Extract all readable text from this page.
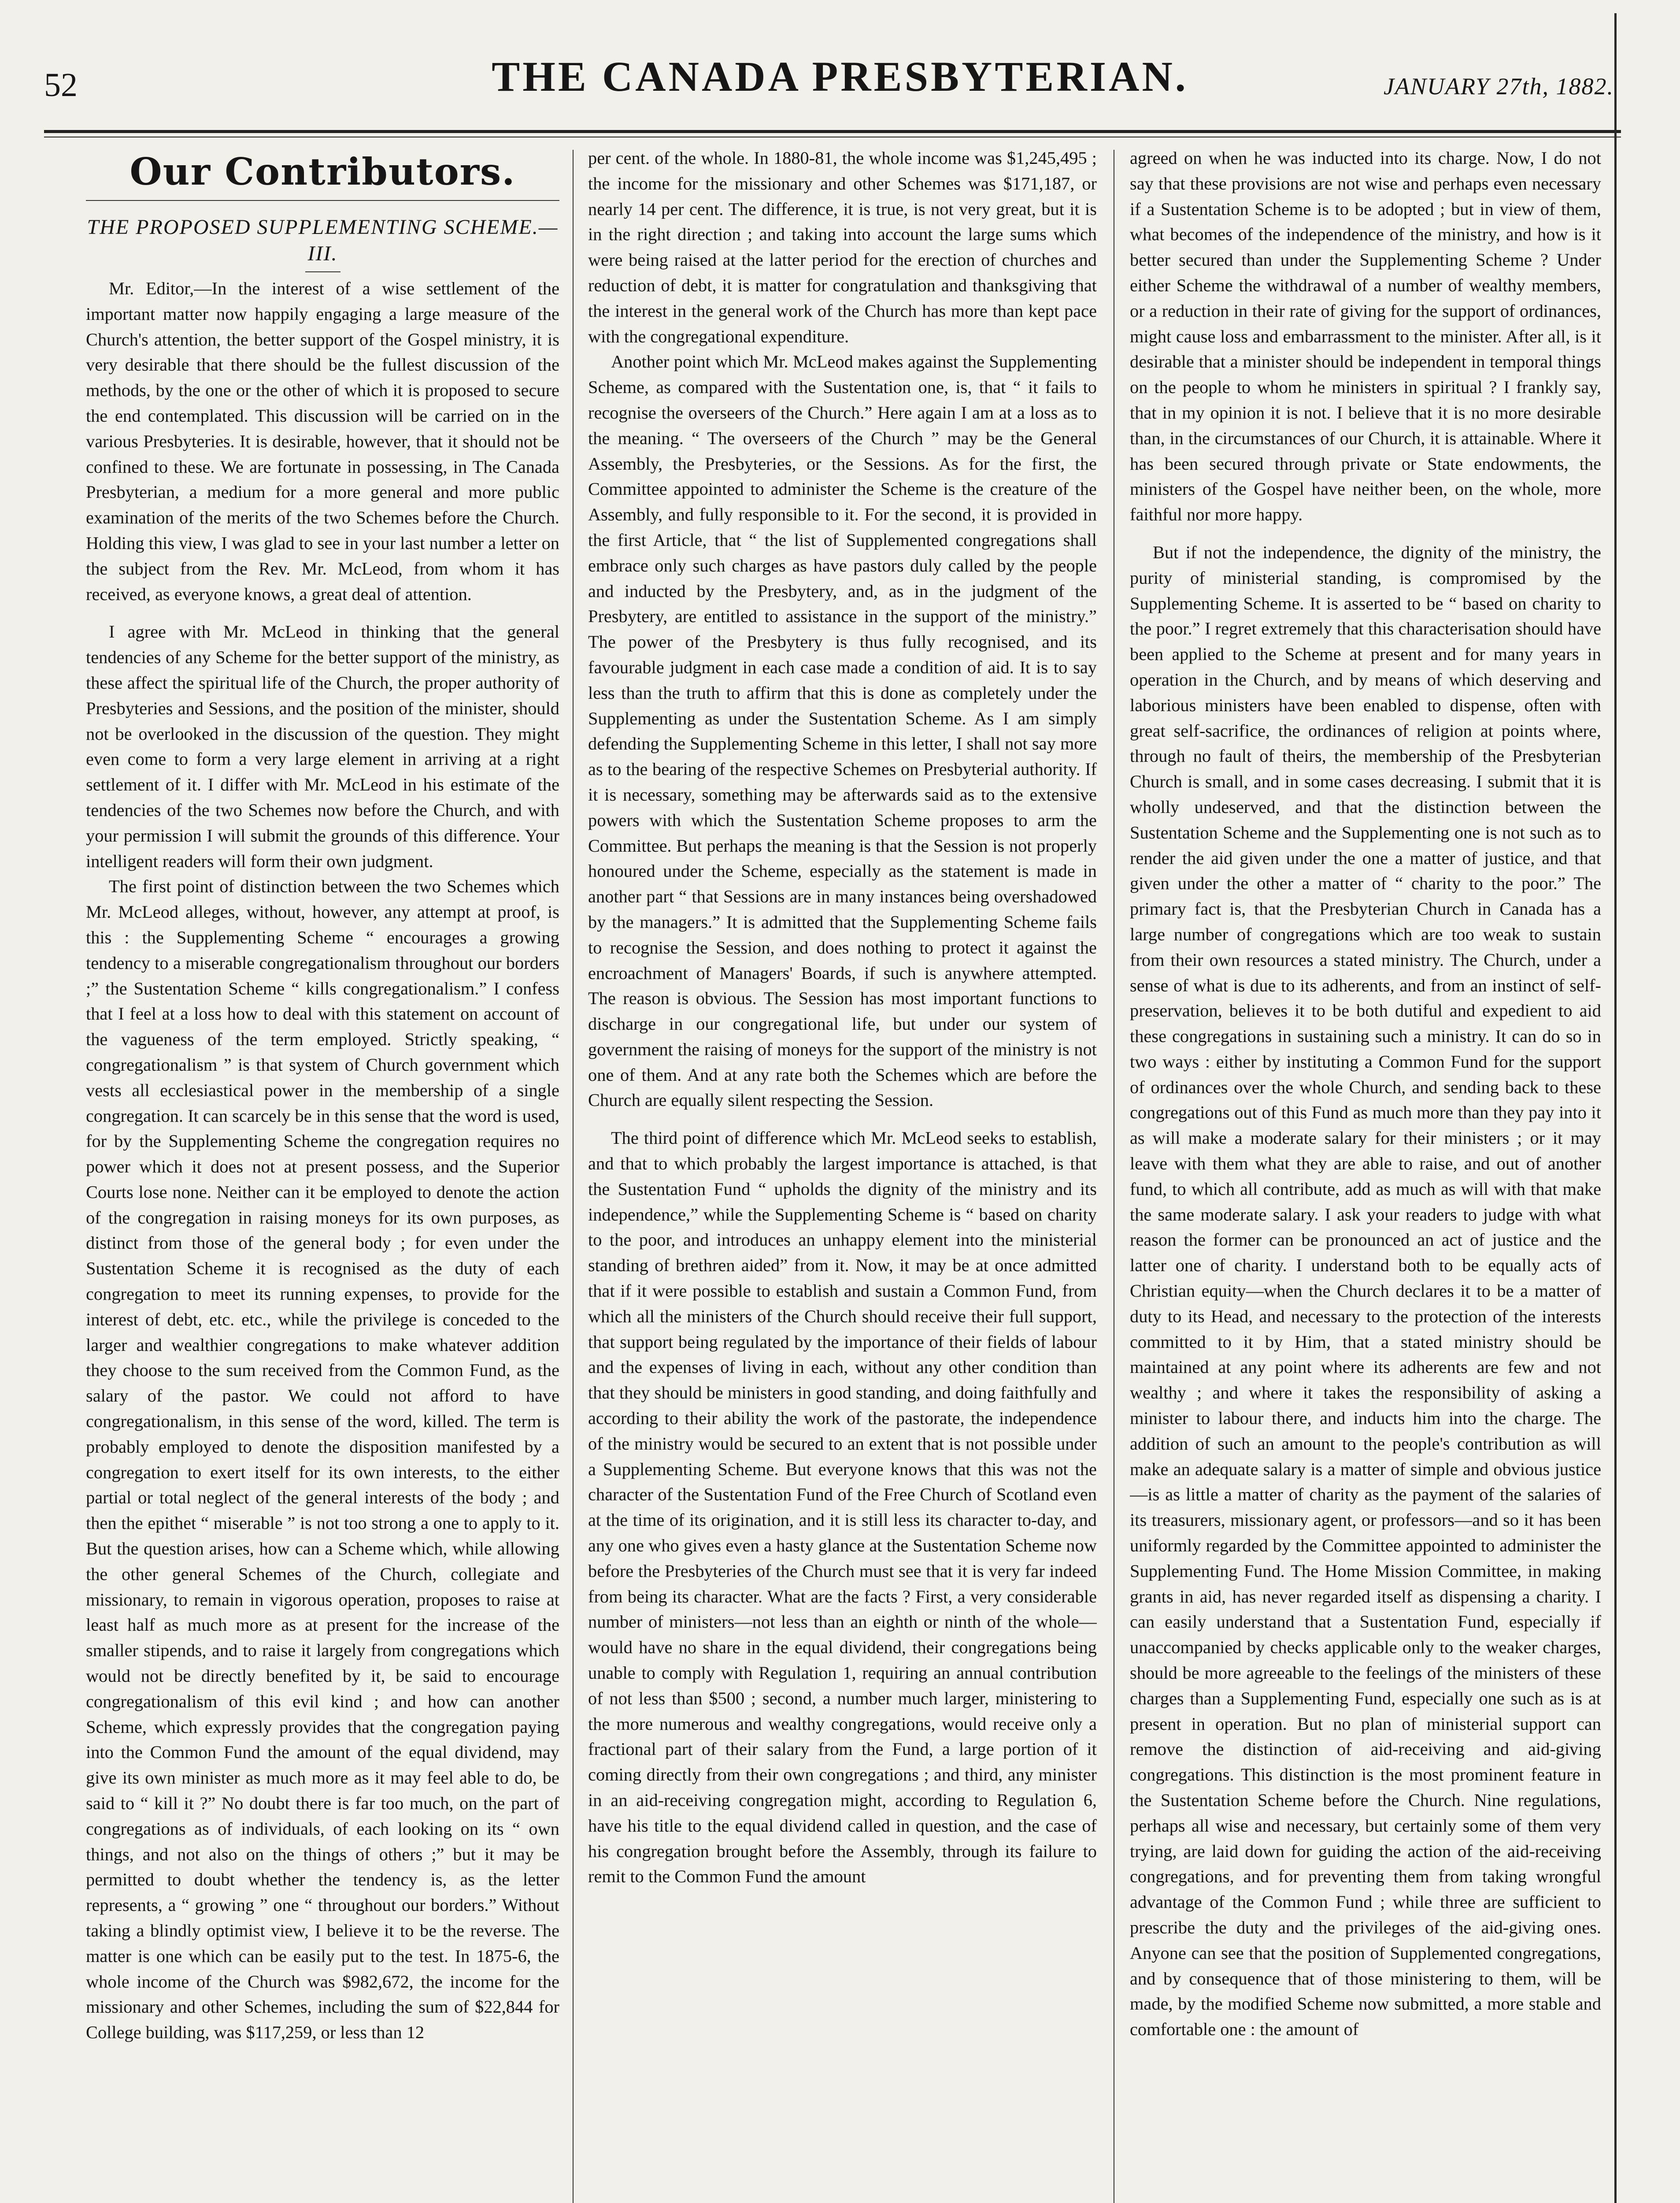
52	THE CANADA PRESBYTERIAN.	JANUARY 27th, 1882.
Our Contributors.
THE PROPOSED SUPPLEMENTING SCHEME.—III.

Mr. Editor,—In the interest of a wise settlement of the important matter now happily engaging a large measure of the Church's attention, the better support of the Gospel ministry, it is very desirable that there should be the fullest discussion of the methods, by the one or the other of which it is proposed to secure the end contemplated. This discussion will be carried on in the various Presbyteries. It is desirable, however, that it should not be confined to these. We are fortunate in possessing, in The Canada Presbyterian, a medium for a more general and more public examination of the merits of the two Schemes before the Church. Holding this view, I was glad to see in your last number a letter on the subject from the Rev. Mr. McLeod, from whom it has received, as everyone knows, a great deal of attention.

I agree with Mr. McLeod in thinking that the general tendencies of any Scheme for the better support of the ministry, as these affect the spiritual life of the Church, the proper authority of Presbyteries and Sessions, and the position of the minister, should not be overlooked in the discussion of the question. They might even come to form a very large element in arriving at a right settlement of it. I differ with Mr. McLeod in his estimate of the tendencies of the two Schemes now before the Church, and with your permission I will submit the grounds of this difference. Your intelligent readers will form their own judgment.

The first point of distinction between the two Schemes which Mr. McLeod alleges, without, however, any attempt at proof, is this : the Supplementing Scheme “ encourages a growing tendency to a miserable congregationalism throughout our borders ;” the Sustentation Scheme “ kills congregationalism.” I confess that I feel at a loss how to deal with this statement on account of the vagueness of the term employed. Strictly speaking, “ congregationalism ” is that system of Church government which vests all ecclesiastical power in the membership of a single congregation. It can scarcely be in this sense that the word is used, for by the Supplementing Scheme the congregation requires no power which it does not at present possess, and the Superior Courts lose none. Neither can it be employed to denote the action of the congregation in raising moneys for its own purposes, as distinct from those of the general body ; for even under the Sustentation Scheme it is recognised as the duty of each congregation to meet its running expenses, to provide for the interest of debt, etc. etc., while the privilege is conceded to the larger and wealthier congregations to make whatever addition they choose to the sum received from the Common Fund, as the salary of the pastor. We could not afford to have congregationalism, in this sense of the word, killed. The term is probably employed to denote the disposition manifested by a congregation to exert itself for its own interests, to the either partial or total neglect of the general interests of the body ; and then the epithet “ miserable ” is not too strong a one to apply to it. But the question arises, how can a Scheme which, while allowing the other general Schemes of the Church, collegiate and missionary, to remain in vigorous operation, proposes to raise at least half as much more as at present for the increase of the smaller stipends, and to raise it largely from congregations which would not be directly benefited by it, be said to encourage congregationalism of this evil kind ; and how can another Scheme, which expressly provides that the congregation paying into the Common Fund the amount of the equal dividend, may give its own minister as much more as it may feel able to do, be said to “ kill it ?” No doubt there is far too much, on the part of congregations as of individuals, of each looking on its “ own things, and not also on the things of others ;” but it may be permitted to doubt whether the tendency is, as the letter represents, a “ growing ” one “ throughout our borders.” Without taking a blindly optimist view, I believe it to be the reverse. The matter is one which can be easily put to the test. In 1875-6, the whole income of the Church was $982,672, the income for the missionary and other Schemes, including the sum of $22,844 for College building, was $117,259, or less than 12

per cent. of the whole. In 1880-81, the whole income was $1,245,495 ; the income for the missionary and other Schemes was $171,187, or nearly 14 per cent. The difference, it is true, is not very great, but it is in the right direction ; and taking into account the large sums which were being raised at the latter period for the erection of churches and reduction of debt, it is matter for congratulation and thanksgiving that the interest in the general work of the Church has more than kept pace with the congregational expenditure.

Another point which Mr. McLeod makes against the Supplementing Scheme, as compared with the Sustentation one, is, that “ it fails to recognise the overseers of the Church.” Here again I am at a loss as to the meaning. “ The overseers of the Church ” may be the General Assembly, the Presbyteries, or the Sessions. As for the first, the Committee appointed to administer the Scheme is the creature of the Assembly, and fully responsible to it. For the second, it is provided in the first Article, that “ the list of Supplemented congregations shall embrace only such charges as have pastors duly called by the people and inducted by the Presbytery, and, as in the judgment of the Presbytery, are entitled to assistance in the support of the ministry.” The power of the Presbytery is thus fully recognised, and its favourable judgment in each case made a condition of aid. It is to say less than the truth to affirm that this is done as completely under the Supplementing as under the Sustentation Scheme. As I am simply defending the Supplementing Scheme in this letter, I shall not say more as to the bearing of the respective Schemes on Presbyterial authority. If it is necessary, something may be afterwards said as to the extensive powers with which the Sustentation Scheme proposes to arm the Committee. But perhaps the meaning is that the Session is not properly honoured under the Scheme, especially as the statement is made in another part “ that Sessions are in many instances being overshadowed by the managers.” It is admitted that the Supplementing Scheme fails to recognise the Session, and does nothing to protect it against the encroachment of Managers' Boards, if such is anywhere attempted. The reason is obvious. The Session has most important functions to discharge in our congregational life, but under our system of government the raising of moneys for the support of the ministry is not one of them. And at any rate both the Schemes which are before the Church are equally silent respecting the Session.

The third point of difference which Mr. McLeod seeks to establish, and that to which probably the largest importance is attached, is that the Sustentation Fund “ upholds the dignity of the ministry and its independence,” while the Supplementing Scheme is “ based on charity to the poor, and introduces an unhappy element into the ministerial standing of brethren aided” from it. Now, it may be at once admitted that if it were possible to establish and sustain a Common Fund, from which all the ministers of the Church should receive their full support, that support being regulated by the importance of their fields of labour and the expenses of living in each, without any other condition than that they should be ministers in good standing, and doing faithfully and according to their ability the work of the pastorate, the independence of the ministry would be secured to an extent that is not possible under a Supplementing Scheme. But everyone knows that this was not the character of the Sustentation Fund of the Free Church of Scotland even at the time of its origination, and it is still less its character to-day, and any one who gives even a hasty glance at the Sustentation Scheme now before the Presbyteries of the Church must see that it is very far indeed from being its character. What are the facts ? First, a very considerable number of ministers—not less than an eighth or ninth of the whole—would have no share in the equal dividend, their congregations being unable to comply with Regulation 1, requiring an annual contribution of not less than $500 ; second, a number much larger, ministering to the more numerous and wealthy congregations, would receive only a fractional part of their salary from the Fund, a large portion of it coming directly from their own congregations ; and third, any minister in an aid-receiving congregation might, according to Regulation 6, have his title to the equal dividend called in question, and the case of his congregation brought before the Assembly, through its failure to remit to the Common Fund the amount

agreed on when he was inducted into its charge. Now, I do not say that these provisions are not wise and perhaps even necessary if a Sustentation Scheme is to be adopted ; but in view of them, what becomes of the independence of the ministry, and how is it better secured than under the Supplementing Scheme ? Under either Scheme the withdrawal of a number of wealthy members, or a reduction in their rate of giving for the support of ordinances, might cause loss and embarrassment to the minister. After all, is it desirable that a minister should be independent in temporal things on the people to whom he ministers in spiritual ? I frankly say, that in my opinion it is not. I believe that it is no more desirable than, in the circumstances of our Church, it is attainable. Where it has been secured through private or State endowments, the ministers of the Gospel have neither been, on the whole, more faithful nor more happy.

But if not the independence, the dignity of the ministry, the purity of ministerial standing, is compromised by the Supplementing Scheme. It is asserted to be “ based on charity to the poor.” I regret extremely that this characterisation should have been applied to the Scheme at present and for many years in operation in the Church, and by means of which deserving and laborious ministers have been enabled to dispense, often with great self-sacrifice, the ordinances of religion at points where, through no fault of theirs, the membership of the Presbyterian Church is small, and in some cases decreasing. I submit that it is wholly undeserved, and that the distinction between the Sustentation Scheme and the Supplementing one is not such as to render the aid given under the one a matter of justice, and that given under the other a matter of “ charity to the poor.” The primary fact is, that the Presbyterian Church in Canada has a large number of congregations which are too weak to sustain from their own resources a stated ministry. The Church, under a sense of what is due to its adherents, and from an instinct of self-preservation, believes it to be both dutiful and expedient to aid these congregations in sustaining such a ministry. It can do so in two ways : either by instituting a Common Fund for the support of ordinances over the whole Church, and sending back to these congregations out of this Fund as much more than they pay into it as will make a moderate salary for their ministers ; or it may leave with them what they are able to raise, and out of another fund, to which all contribute, add as much as will with that make the same moderate salary. I ask your readers to judge with what reason the former can be pronounced an act of justice and the latter one of charity. I understand both to be equally acts of Christian equity—when the Church declares it to be a matter of duty to its Head, and necessary to the protection of the interests committed to it by Him, that a stated ministry should be maintained at any point where its adherents are few and not wealthy ; and where it takes the responsibility of asking a minister to labour there, and inducts him into the charge. The addition of such an amount to the people's contribution as will make an adequate salary is a matter of simple and obvious justice—is as little a matter of charity as the payment of the salaries of its treasurers, missionary agent, or professors—and so it has been uniformly regarded by the Committee appointed to administer the Supplementing Fund. The Home Mission Committee, in making grants in aid, has never regarded itself as dispensing a charity. I can easily understand that a Sustentation Fund, especially if unaccompanied by checks applicable only to the weaker charges, should be more agreeable to the feelings of the ministers of these charges than a Supplementing Fund, especially one such as is at present in operation. But no plan of ministerial support can remove the distinction of aid-receiving and aid-giving congregations. This distinction is the most prominent feature in the Sustentation Scheme before the Church. Nine regulations, perhaps all wise and necessary, but certainly some of them very trying, are laid down for guiding the action of the aid-receiving congregations, and for preventing them from taking wrongful advantage of the Common Fund ; while three are sufficient to prescribe the duty and the privileges of the aid-giving ones. Anyone can see that the position of Supplemented congregations, and by consequence that of those ministering to them, will be made, by the modified Scheme now submitted, a more stable and comfortable one : the amount of
